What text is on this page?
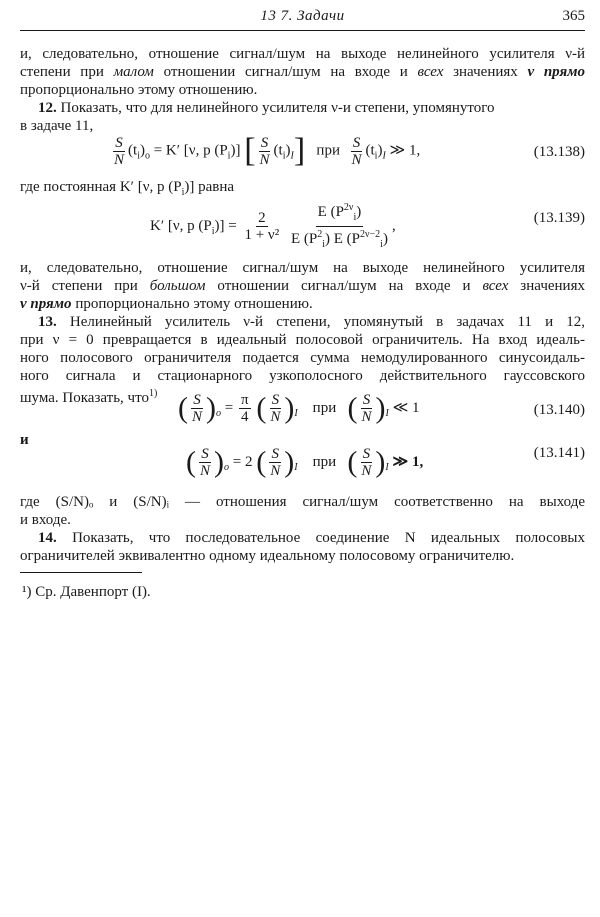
13 7. Задачи	365
и, следовательно, отношение сигнал/шум на выходе нелинейного усилителя ν-й
степени при малом отношении сигнал/шум на входе и всех значениях ν прямо
пропорционально этому отношению.
12. Показать, что для нелинейного усилителя ν-и степени, упомянутого
в задаче 11,
$\frac{S}{N} (t_i)_o = K'$ [ν, p $(P_i)$] [ $\frac{S}{N} (t_i)_I$] при $\frac{S}{N} (t_i)_I$ ≫ 1,	(13.138)
где постоянная K′ [ν, p $(P_i)$] равна
K′ [ν, p $(P_i)] = \frac{2}{\text{1 + ν²}}$
$\frac{E (P^{2\nu}_i)}{E (P^2_i) E (P^{2\nu-2}_i)}$ ,	(13.139)
и, следовательно, отношение сигнал/шум на выходе нелинейного усилителя
ν-й степени при большом отношении сигнал/шум на входе и всех значениях
ν прямо пропорционально этому отношению.
13. Нелинейный усилитель ν-й степени, упомянутый в задачах 11 и 12,
при ν = 0 превращается в идеальный полосовой ограничитель. На вход идеаль-
ного полосового ограничителя подается сумма немодулированного синусоидаль-
ного сигнала и стационарного узкополосного действительного гауссовского
шума. Показать, что$^{1)}$ ( $\frac{S}{N} )_o = \frac{\pi}{4}$ ( $\frac{S}{N} )_I$ при ( $\frac{S}{N} )_I$ ≪ 1	(13.140)
и
( $\frac{S}{N} )_o = 2$ ( $\frac{S}{N} )_I$ при ( $\frac{S}{N} )_I$ ≫ 1,
(13.141)
где (S/N)ₒ и (S/N)ᵢ — отношения сигнал/шум соответственно на выходе
и входе.
14. Показать, что последовательное соединение N идеальных полосовых
ограничителей эквивалентно одному идеальному полосовому ограничителю.
¹) Ср. Давенпорт (I).
